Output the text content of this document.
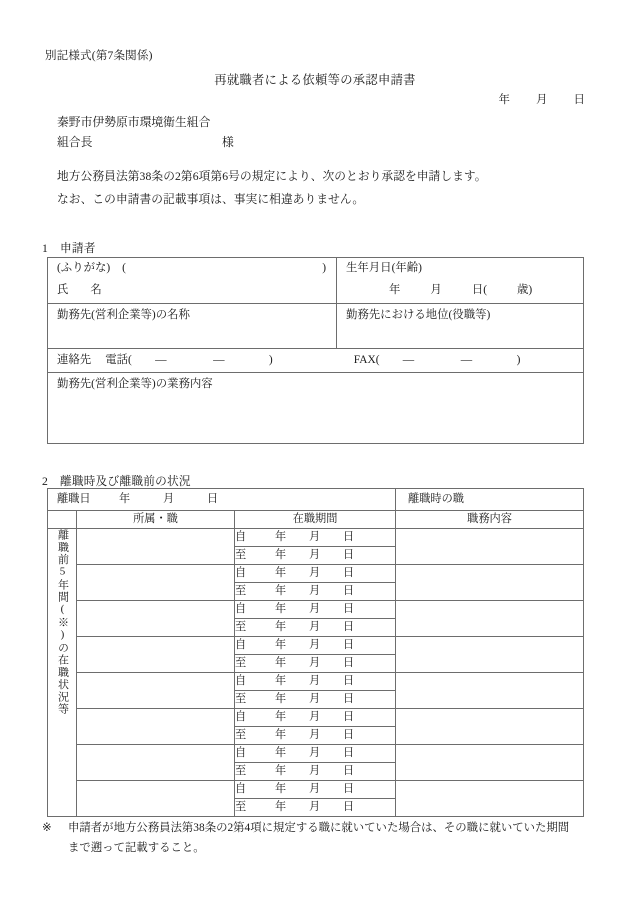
別記様式(第7条関係)
再就職者による依頼等の承認申請書
年 月 日
秦野市伊勢原市環境衛生組合
組合長	様
地方公務員法第38条の2第6項第6号の規定により、次のとおり承認を申請します。
なお、この申請書の記載事項は、事実に相違ありません。
1 申請者
(ふりがな) ( )	生年月日(年齢)

氏 名	年 月 日( 歳)

勤務先(営利企業等)の名称	勤務先における地位(役職等)

連絡先 電話( — — ) FAX( — — )	

勤務先(営利企業等)の業務内容	
2 離職時及び離職前の状況
離職日 年 月 日			離職時の職

	所属・職	在職期間	職務内容
離職前5年間(※)の在職状況等		自 年 月 日	
		至 年 月 日	
		自 年 月 日	
		至 年 月 日	
		自 年 月 日	
		至 年 月 日	
		自 年 月 日	
		至 年 月 日	
		自 年 月 日	
		至 年 月 日	
		自 年 月 日	
		至 年 月 日	
		自 年 月 日	
		至 年 月 日	
		自 年 月 日	
		至 年 月 日	
※ 申請者が地方公務員法第38条の2第4項に規定する職に就いていた場合は、その職に就いていた期間
まで遡って記載すること。
